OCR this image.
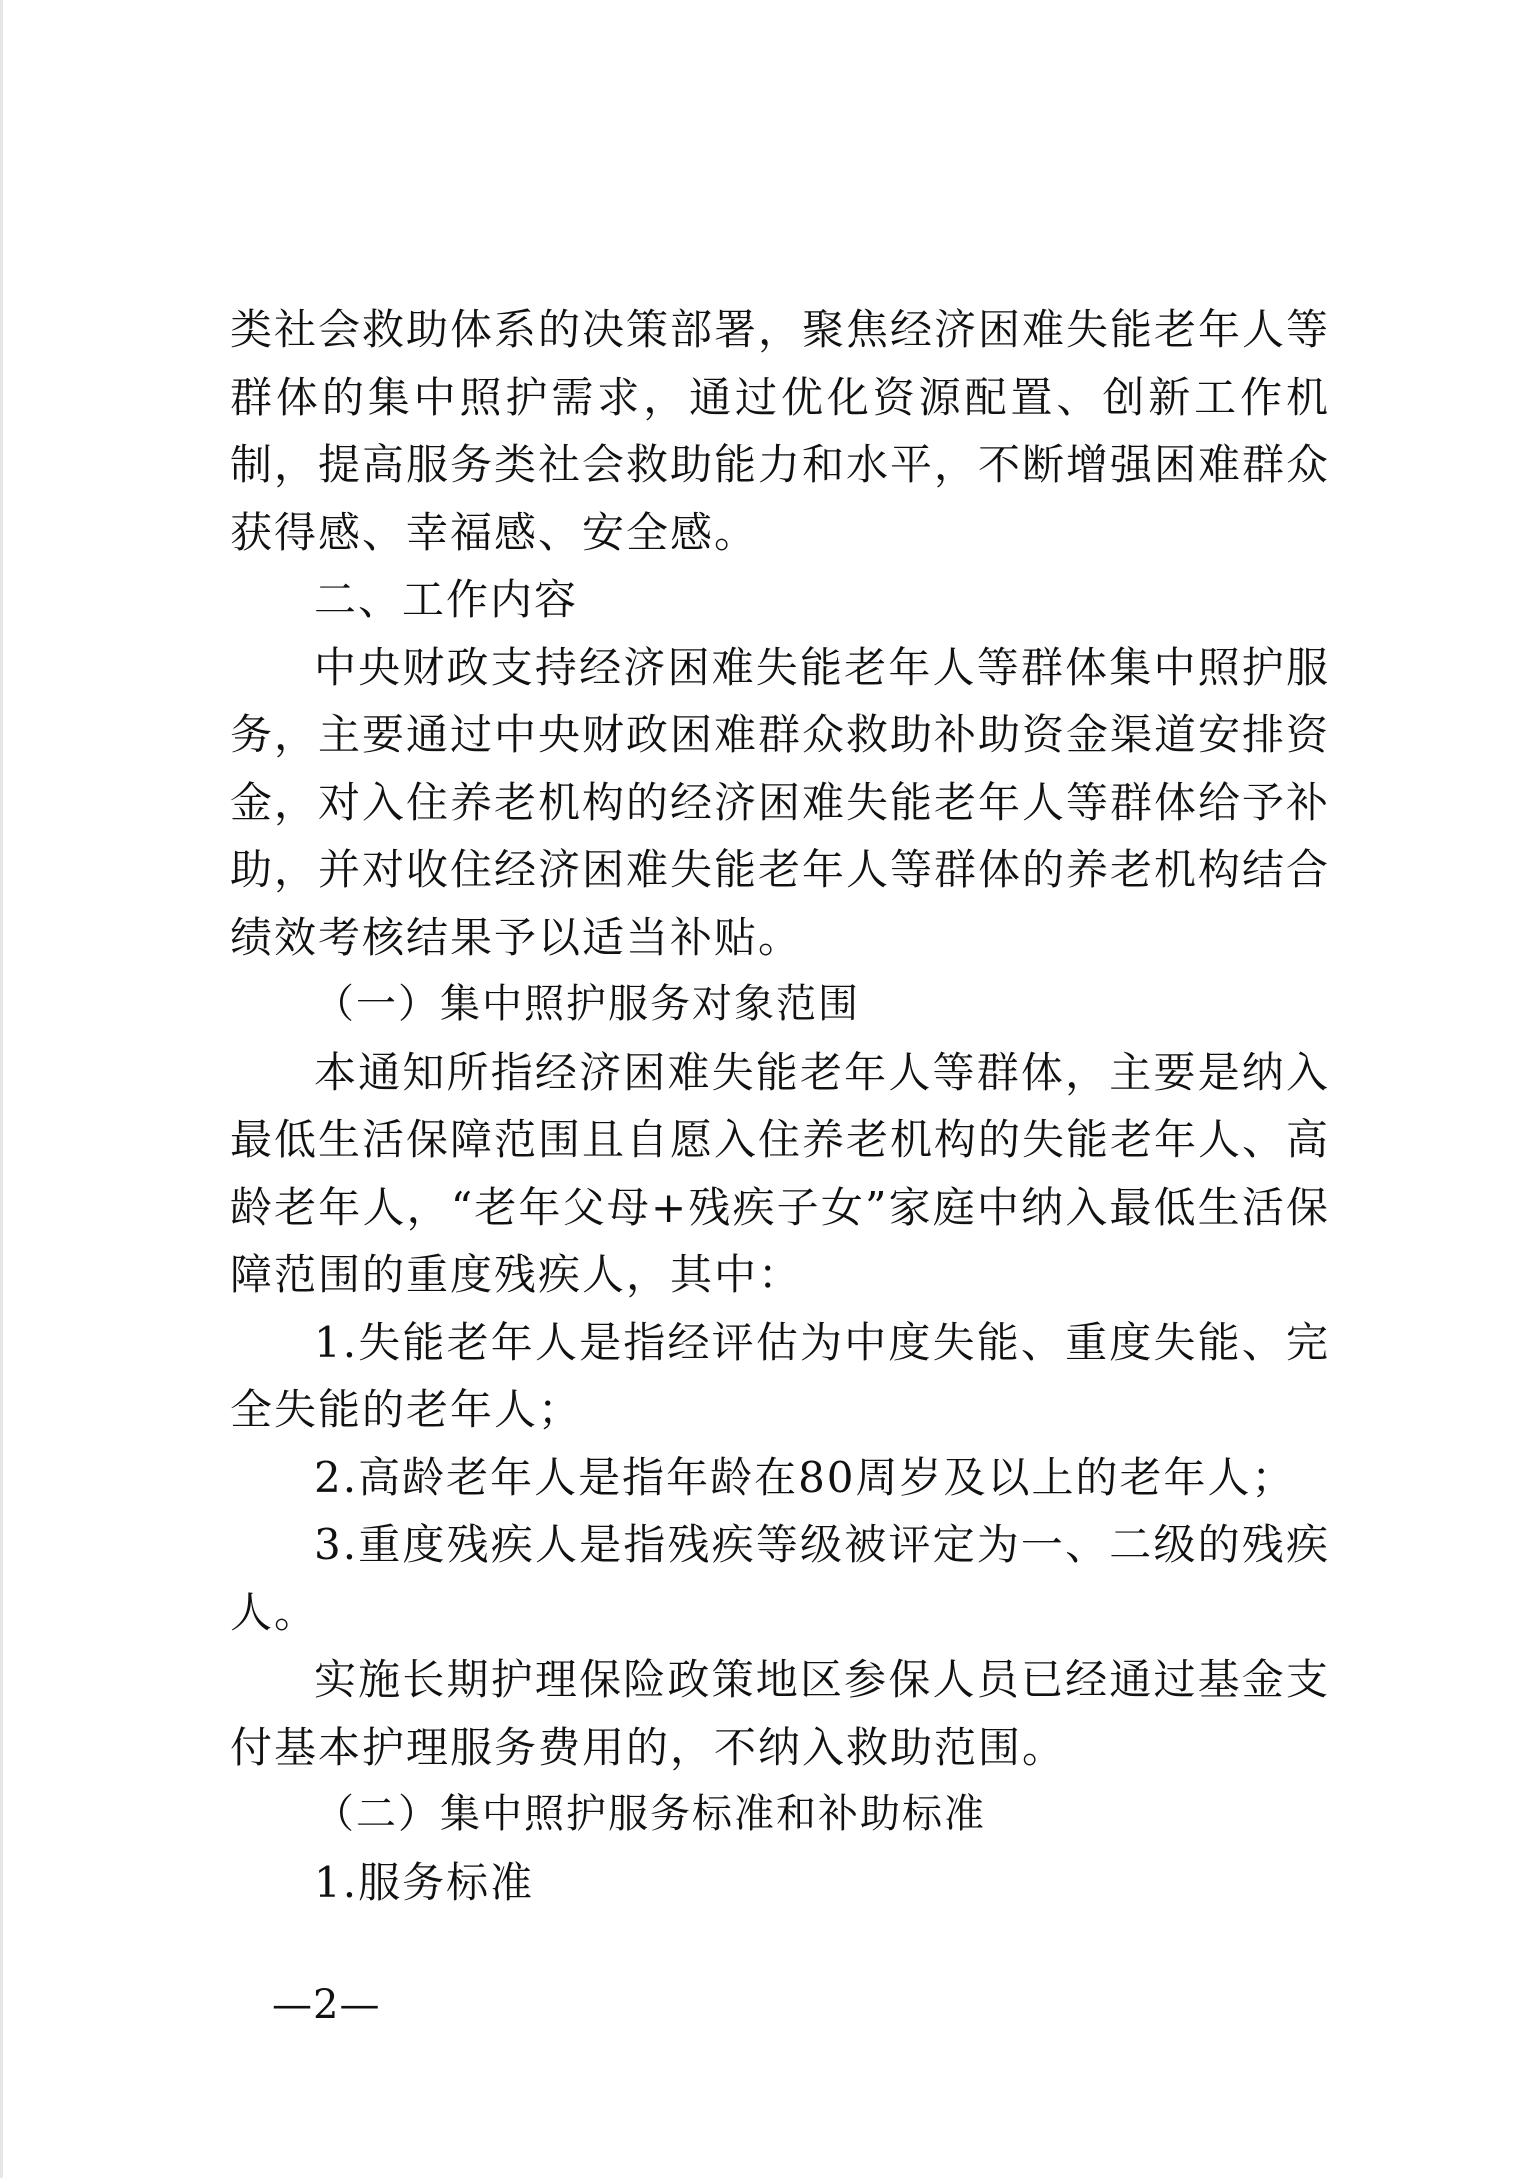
类社会救助体系的决策部署，聚焦经济困难失能老年人等群体的集中照护需求，通过优化资源配置、创新工作机制，提高服务类社会救助能力和水平，不断增强困难群众获得感、幸福感、安全感。

二、工作内容

中央财政支持经济困难失能老年人等群体集中照护服务，主要通过中央财政困难群众救助补助资金渠道安排资金，对入住养老机构的经济困难失能老年人等群体给予补助，并对收住经济困难失能老年人等群体的养老机构结合绩效考核结果予以适当补贴。

（一）集中照护服务对象范围

本通知所指经济困难失能老年人等群体，主要是纳入最低生活保障范围且自愿入住养老机构的失能老年人、高龄老年人，“老年父母+残疾子女”家庭中纳入最低生活保障范围的重度残疾人，其中：

1.失能老年人是指经评估为中度失能、重度失能、完全失能的老年人；

2.高龄老年人是指年龄在80周岁及以上的老年人；

3.重度残疾人是指残疾等级被评定为一、二级的残疾人。

实施长期护理保险政策地区参保人员已经通过基金支付基本护理服务费用的，不纳入救助范围。

（二）集中照护服务标准和补助标准

1.服务标准

—2—
